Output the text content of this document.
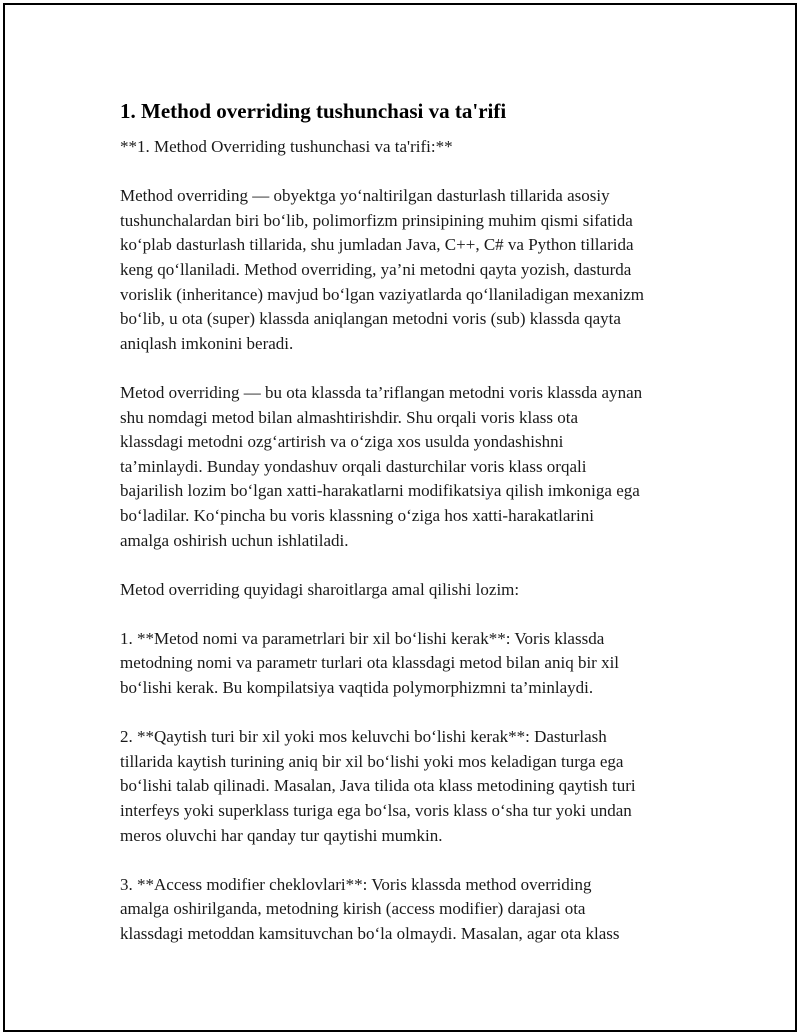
1. Method overriding tushunchasi va ta'rifi

**1. Method Overriding tushunchasi va ta'rifi:**

Method overriding — obyektga yo‘naltirilgan dasturlash tillarida asosiy
tushunchalardan biri bo‘lib, polimorfizm prinsipining muhim qismi sifatida
ko‘plab dasturlash tillarida, shu jumladan Java, C++, C# va Python tillarida
keng qo‘llaniladi. Method overriding, ya’ni metodni qayta yozish, dasturda
vorislik (inheritance) mavjud bo‘lgan vaziyatlarda qo‘llaniladigan mexanizm
bo‘lib, u ota (super) klassda aniqlangan metodni voris (sub) klassda qayta
aniqlash imkonini beradi.

Metod overriding — bu ota klassda ta’riflangan metodni voris klassda aynan
shu nomdagi metod bilan almashtirishdir. Shu orqali voris klass ota
klassdagi metodni ozg‘artirish va o‘ziga xos usulda yondashishni
ta’minlaydi. Bunday yondashuv orqali dasturchilar voris klass orqali
bajarilish lozim bo‘lgan xatti-harakatlarni modifikatsiya qilish imkoniga ega
bo‘ladilar. Ko‘pincha bu voris klassning o‘ziga hos xatti-harakatlarini
amalga oshirish uchun ishlatiladi.

Metod overriding quyidagi sharoitlarga amal qilishi lozim:

1. **Metod nomi va parametrlari bir xil bo‘lishi kerak**: Voris klassda
metodning nomi va parametr turlari ota klassdagi metod bilan aniq bir xil
bo‘lishi kerak. Bu kompilatsiya vaqtida polymorphizmni ta’minlaydi.

2. **Qaytish turi bir xil yoki mos keluvchi bo‘lishi kerak**: Dasturlash
tillarida kaytish turining aniq bir xil bo‘lishi yoki mos keladigan turga ega
bo‘lishi talab qilinadi. Masalan, Java tilida ota klass metodining qaytish turi
interfeys yoki superklass turiga ega bo‘lsa, voris klass o‘sha tur yoki undan
meros oluvchi har qanday tur qaytishi mumkin.

3. **Access modifier cheklovlari**: Voris klassda method overriding
amalga oshirilganda, metodning kirish (access modifier) darajasi ota
klassdagi metoddan kamsituvchan bo‘la olmaydi. Masalan, agar ota klass
